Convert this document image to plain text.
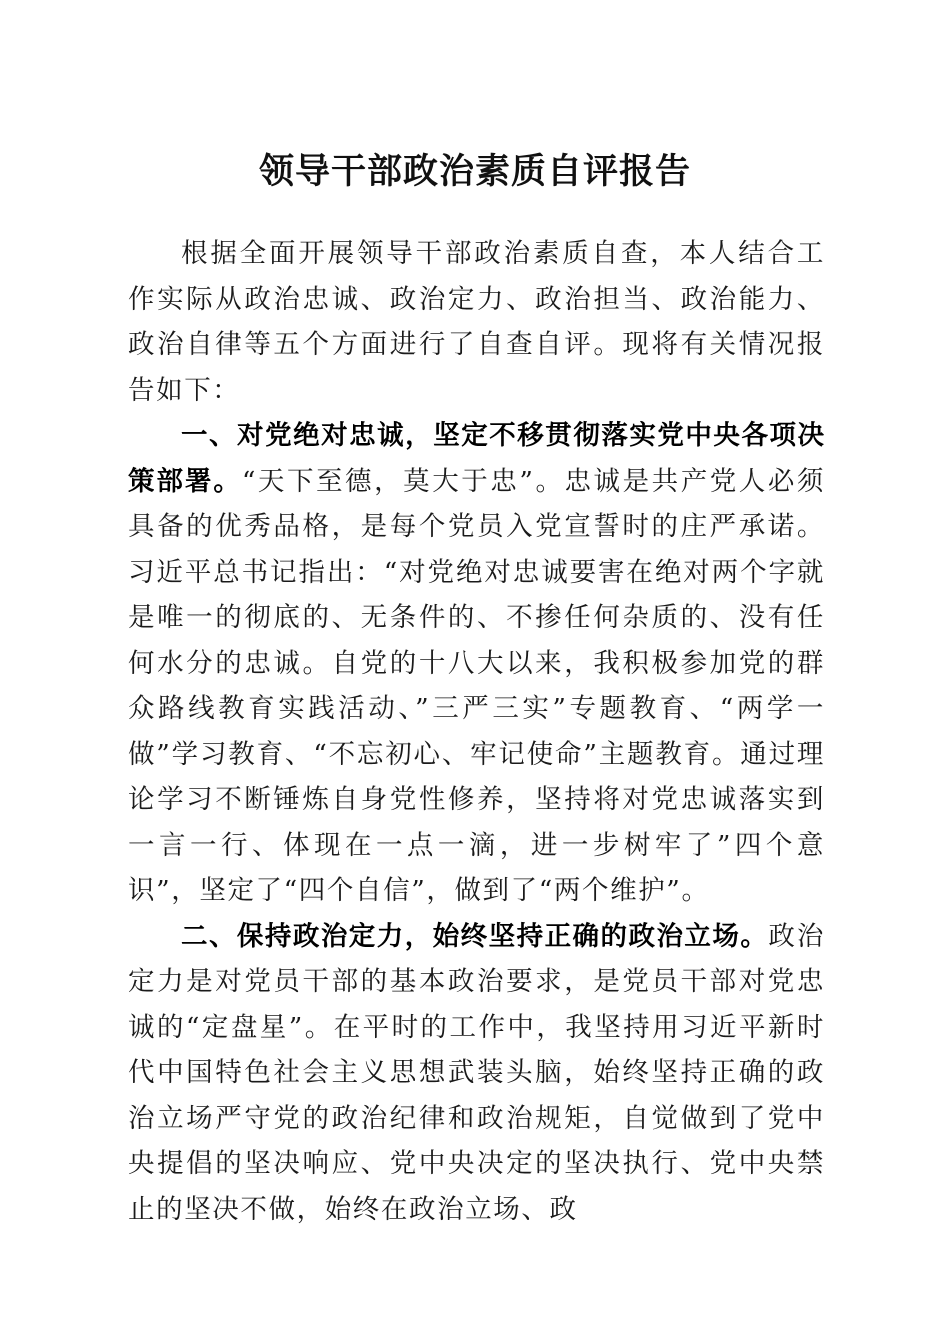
领导干部政治素质自评报告

根据全面开展领导干部政治素质自查，本人结合工作实际从政治忠诚、政治定力、政治担当、政治能力、政治自律等五个方面进行了自查自评。现将有关情况报告如下：

一、对党绝对忠诚，坚定不移贯彻落实党中央各项决策部署。“天下至德，莫大于忠”。忠诚是共产党人必须具备的优秀品格，是每个党员入党宣誓时的庄严承诺。习近平总书记指出：“对党绝对忠诚要害在绝对两个字就是唯一的彻底的、无条件的、不掺任何杂质的、没有任何水分的忠诚。自党的十八大以来，我积极参加党的群众路线教育实践活动、”三严三实”专题教育、“两学一做”学习教育、“不忘初心、牢记使命”主题教育。通过理论学习不断锤炼自身党性修养，坚持将对党忠诚落实到一言一行、体现在一点一滴，进一步树牢了”四个意识”，坚定了“四个自信”，做到了“两个维护”。

二、保持政治定力，始终坚持正确的政治立场。政治定力是对党员干部的基本政治要求，是党员干部对党忠诚的“定盘星”。在平时的工作中，我坚持用习近平新时代中国特色社会主义思想武装头脑，始终坚持正确的政治立场严守党的政治纪律和政治规矩，自觉做到了党中央提倡的坚决响应、党中央决定的坚决执行、党中央禁止的坚决不做，始终在政治立场、政
